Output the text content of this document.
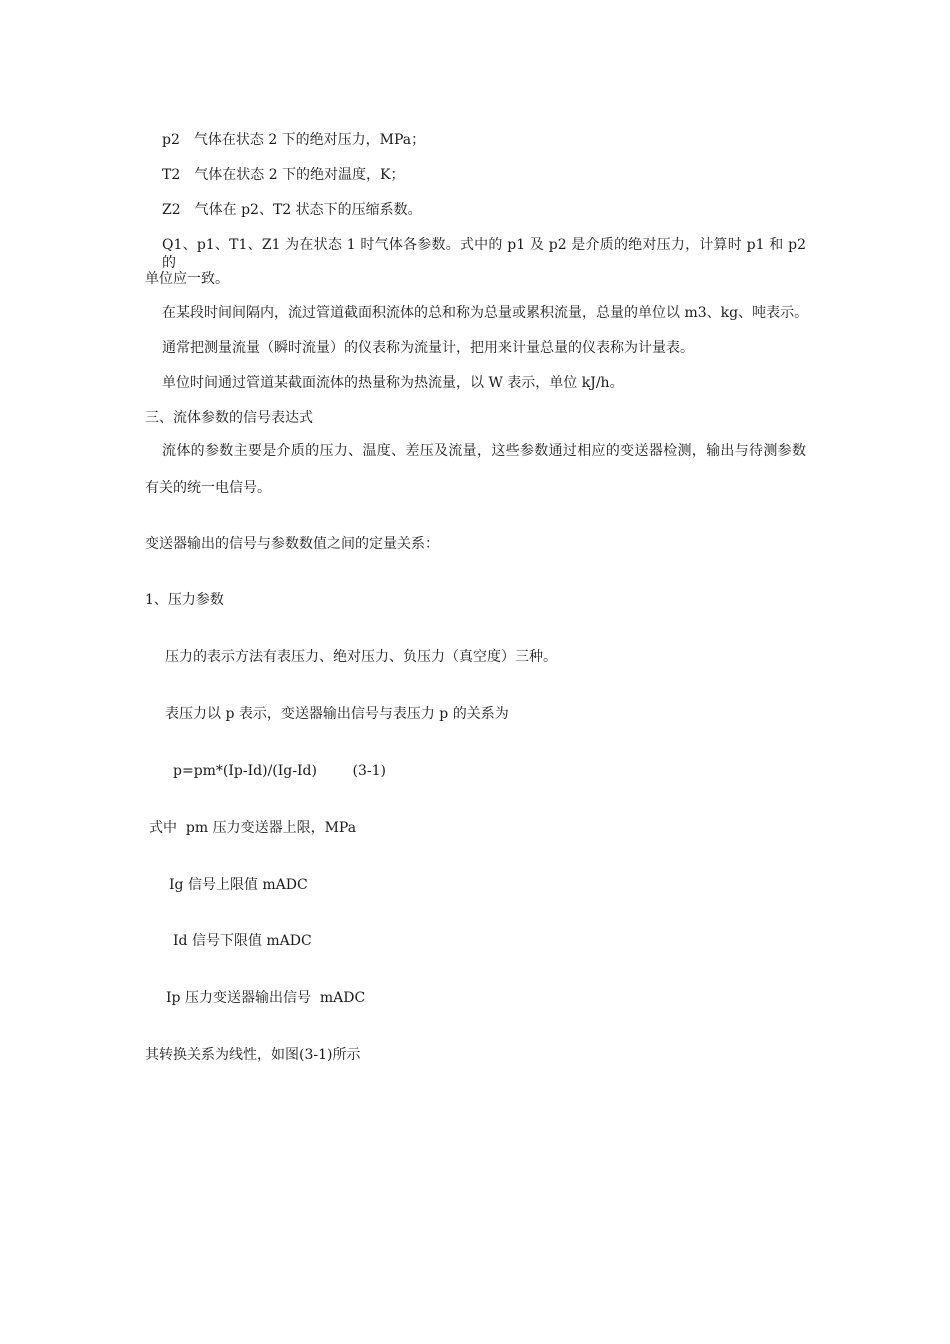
p2　气体在状态 2 下的绝对压力，MPa；
T2　气体在状态 2 下的绝对温度，K；
Z2　气体在 p2、T2 状态下的压缩系数。
Q1、p1、T1、Z1 为在状态 1 时气体各参数。式中的 p1 及 p2 是介质的绝对压力，计算时 p1 和 p2 的
单位应一致。
在某段时间间隔内，流过管道截面积流体的总和称为总量或累积流量，总量的单位以 m3、kg、吨表示。
通常把测量流量（瞬时流量）的仪表称为流量计，把用来计量总量的仪表称为计量表。
单位时间通过管道某截面流体的热量称为热流量，以 W 表示，单位 kJ/h。
三、流体参数的信号表达式
流体的参数主要是介质的压力、温度、差压及流量，这些参数通过相应的变送器检测，输出与待测参数
有关的统一电信号。
变送器输出的信号与参数数值之间的定量关系：
1、压力参数
压力的表示方法有表压力、绝对压力、负压力（真空度）三种。
表压力以 p 表示，变送器输出信号与表压力 p 的关系为
p=pm*(Ip-Id)/(Ig-Id)        (3-1)
式中  pm 压力变送器上限，MPa
Ig 信号上限值 mADC
Id 信号下限值 mADC
Ip 压力变送器输出信号  mADC
其转换关系为线性，如图(3-1)所示
